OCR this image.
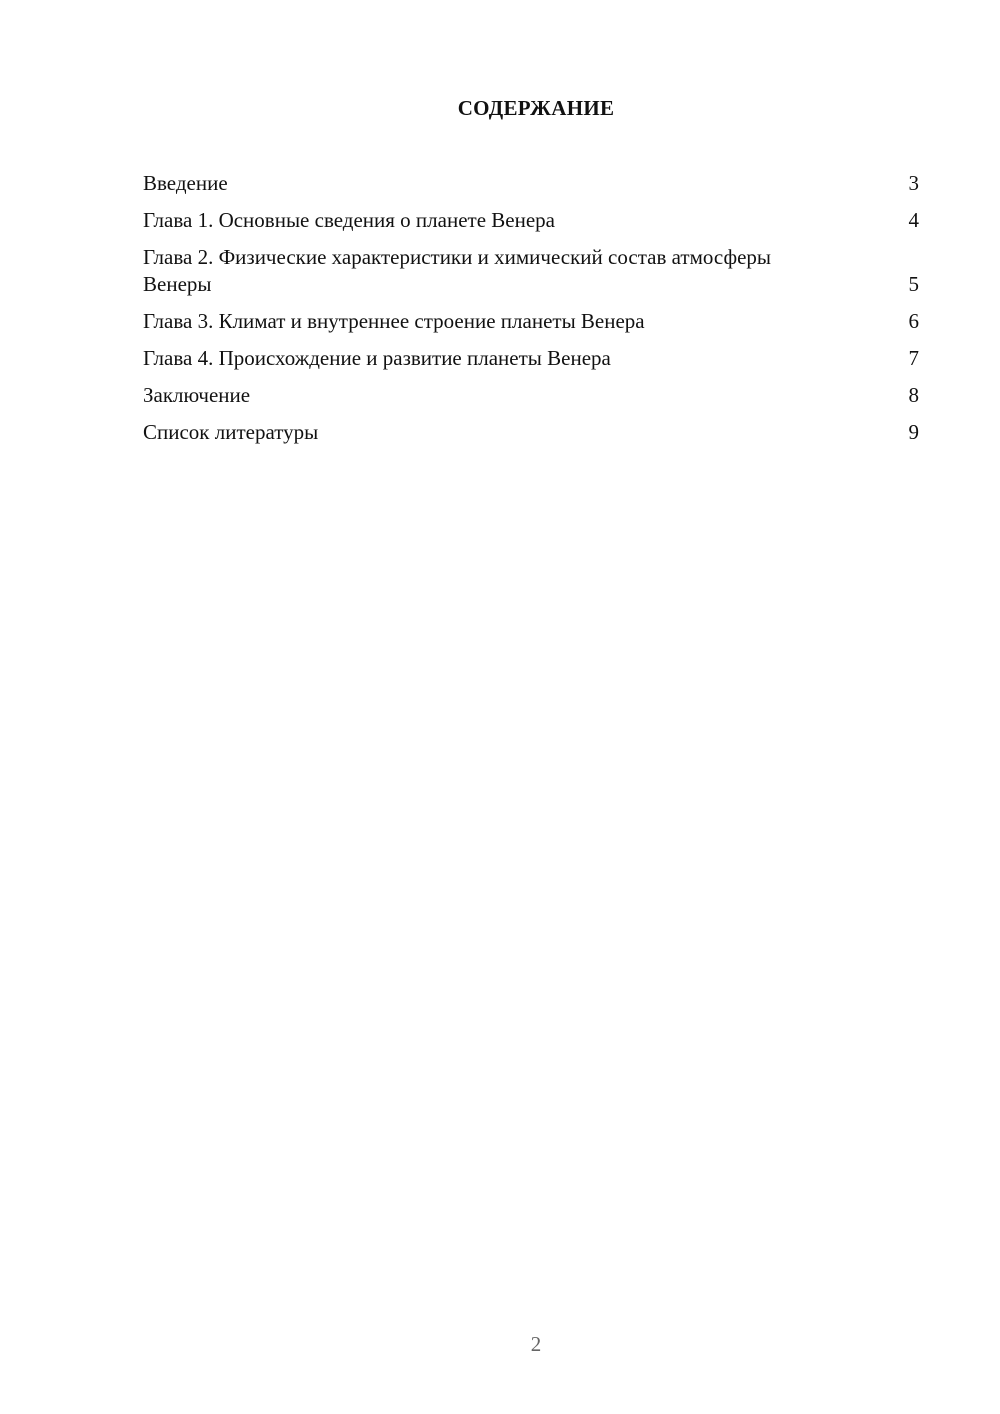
СОДЕРЖАНИЕ
Введение	3
Глава 1. Основные сведения о планете Венера	4
Глава 2. Физические характеристики и химический состав атмосферы Венеры	5
Глава 3. Климат и внутреннее строение планеты Венера	6
Глава 4. Происхождение и развитие планеты Венера	7
Заключение	8
Список литературы	9
2
